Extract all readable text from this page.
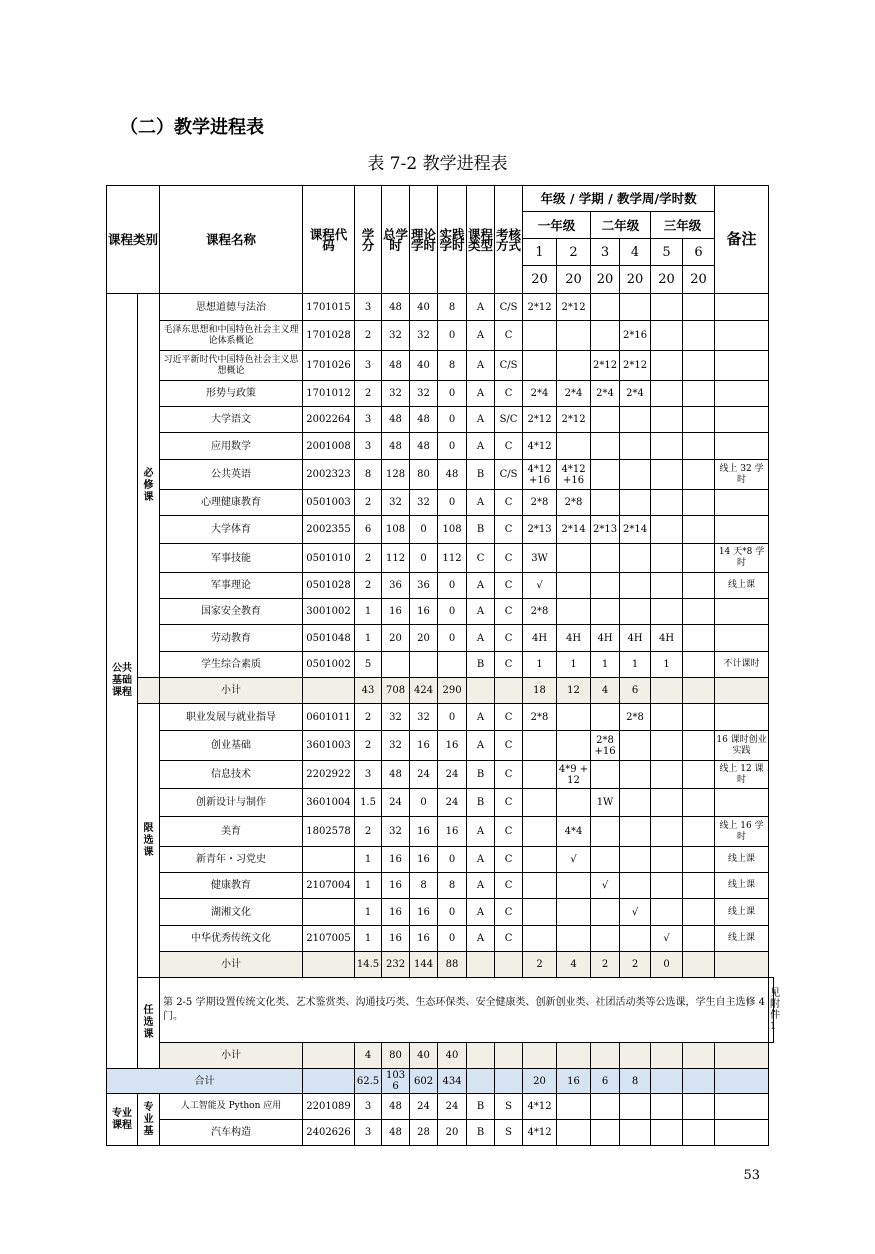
（二）教学进程表
表 7-2 教学进程表
课程类别		课程名称	课程代码	学分	总学时	理论学时	实践学时	课程类型	考核方式	年级 / 学期 / 教学周/学时数						备注	
										一年级		二年级		三年级			
										1	2	3	4	5	6		
										20	20	20	20	20	20		

公共基础课程	必修课	思想道德与法治	1701015	3	48	40	8	A	C/S	2*12	2*12						
		毛泽东思想和中国特色社会主义理论体系概论	1701028	2	32	32	0	A	C				2*16				
		习近平新时代中国特色社会主义思想概论	1701026	3	48	40	8	A	C/S			2*12	2*12				
		形势与政策	1701012	2	32	32	0	A	C	2*4	2*4	2*4	2*4				
		大学语文	2002264	3	48	48	0	A	S/C	2*12	2*12						
		应用数学	2001008	3	48	48	0	A	C	4*12							
		公共英语	2002323	8	128	80	48	B	C/S	4*12 +16	4*12 +16					线上 32 学时	
		心理健康教育	0501003	2	32	32	0	A	C	2*8	2*8						
		大学体育	2002355	6	108	0	108	B	C	2*13	2*14	2*13	2*14				
		军事技能	0501010	2	112	0	112	C	C	3W						14 天*8 学时	
		军事理论	0501028	2	36	36	0	A	C	√						线上课	
		国家安全教育	3001002	1	16	16	0	A	C	2*8							
		劳动教育	0501048	1	20	20	0	A	C	4H	4H	4H	4H	4H			
		学生综合素质	0501002	5				B	C	1	1	1	1	1		不计课时	
		小计		43	708	424	290			18	12	4	6				

	限选课	职业发展与就业指导	0601011	2	32	32	0	A	C	2*8			2*8				
		创业基础	3601003	2	32	16	16	A	C			2*8 +16				16 课时创业实践	
		信息技术	2202922	3	48	24	24	B	C		4*9 +12					线上 12 课时	
		创新设计与制作	3601004	1.5	24	0	24	B	C			1W					
		美育	1802578	2	32	16	16	A	C		4*4					线上 16 学时	
		新青年・习党史		1	16	16	0	A	C		√					线上课	
		健康教育	2107004	1	16	8	8	A	C			√				线上课	
		湖湘文化		1	16	16	0	A	C				√			线上课	
		中华优秀传统文化	2107005	1	16	16	0	A	C					√		线上课	
		小计		14.5	232	144	88			2	4	2	2	0			

	任选课	第 2-5 学期设置传统文化类、艺术鉴赏类、沟通技巧类、生态环保类、安全健康类、创新创业类、社团活动类等公选课，学生自主选修 4 门。															见附件 1
		小计		4	80	40	40										
合计				62.5	1036	602	434			20	16	6	8				

专业课程	专业基	人工智能及 Python 应用	2201089	3	48	24	24	B	S	4*12							
		汽车构造	2402626	3	48	28	20	B	S	4*12							
53
